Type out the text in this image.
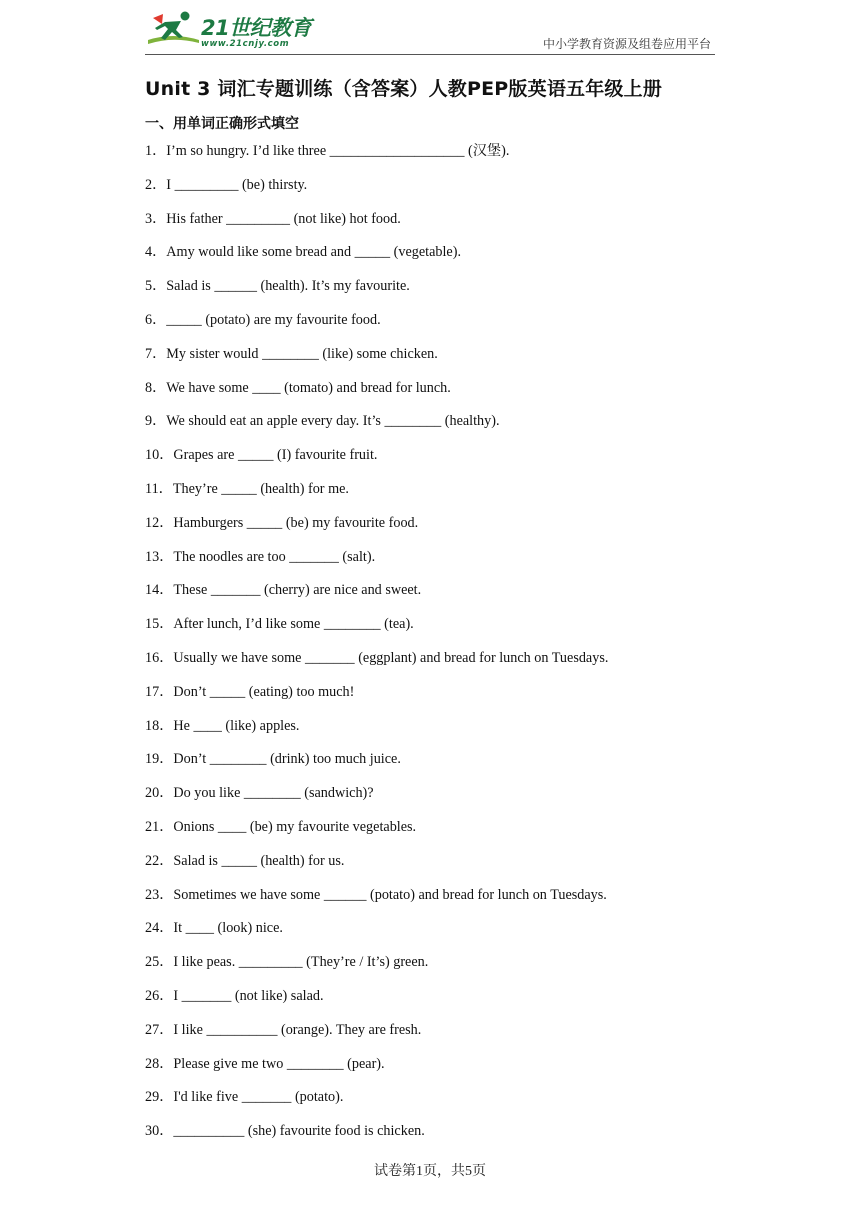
21世纪教育
www.21cnjy.com	中小学教育资源及组卷应用平台
Unit 3 词汇专题训练（含答案）人教PEP版英语五年级上册
一、用单词正确形式填空
1．I’m so hungry. I’d like three ___________________ (汉堡).
2．I _________ (be) thirsty.
3．His father _________ (not like) hot food.
4．Amy would like some bread and _____ (vegetable).
5．Salad is ______ (health). It’s my favourite.
6．_____ (potato) are my favourite food.
7．My sister would ________ (like) some chicken.
8．We have some ____ (tomato) and bread for lunch.
9．We should eat an apple every day. It’s ________ (healthy).
10．Grapes are _____ (I) favourite fruit.
11．They’re _____ (health) for me.
12．Hamburgers _____ (be) my favourite food.
13．The noodles are too _______ (salt).
14．These _______ (cherry) are nice and sweet.
15．After lunch, I’d like some ________ (tea).
16．Usually we have some _______ (eggplant) and bread for lunch on Tuesdays.
17．Don’t _____ (eating) too much!
18．He ____ (like) apples.
19．Don’t ________ (drink) too much juice.
20．Do you like ________ (sandwich)?
21．Onions ____ (be) my favourite vegetables.
22．Salad is _____ (health) for us.
23．Sometimes we have some ______ (potato) and bread for lunch on Tuesdays.
24．It ____ (look) nice.
25．I like peas. _________ (They’re / It’s) green.
26．I _______ (not like) salad.
27．I like __________ (orange). They are fresh.
28．Please give me two ________ (pear).
29．I'd like five _______ (potato).
30．__________ (she) favourite food is chicken.
试卷第1页，共5页
